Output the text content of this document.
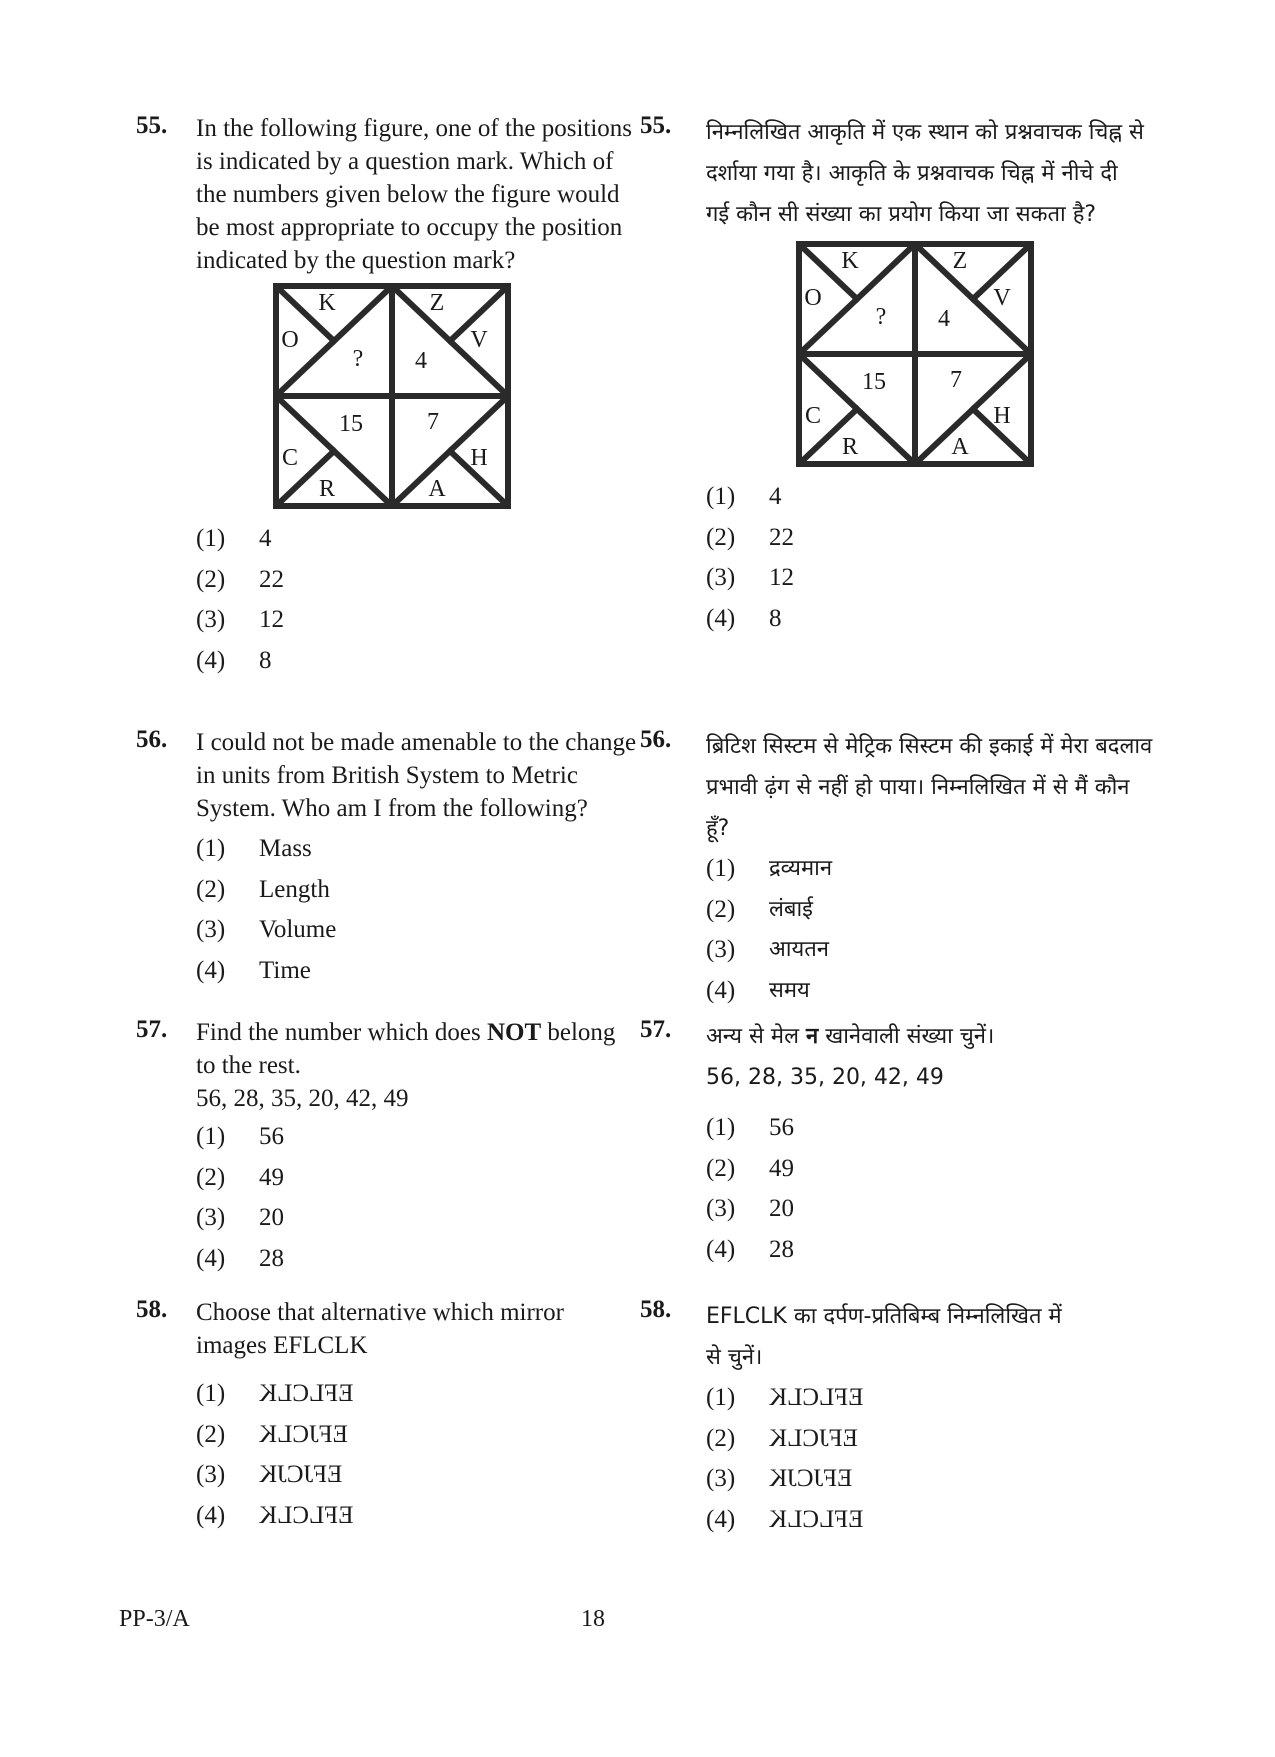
55. In the following figure, one of the positions is indicated by a question mark. Which of the numbers given below the figure would be most appropriate to occupy the position indicated by the question mark?
K
O
?
Z
V
4
15	7
C
R
H
A
(1)	4
(2)	22
(3)	12
(4)	8
56. I could not be made amenable to the change in units from British System to Metric System. Who am I from the following?
(1)	Mass
(2)	Length
(3)	Volume
(4)	Time
57. Find the number which does NOT belong to the rest.
56, 28, 35, 20, 42, 49
(1)	56
(2)	49
(3)	20
(4)	28
58. Choose that alternative which mirror images EFLCLK
(1)	EFLCLK
(2)	EFJCLK
(3)	EFJCJK
(4)	EFLCLK
55. निम्नलिखित आकृति में एक स्थान को प्रश्नवाचक चिह्न से दर्शाया गया है। आकृति के प्रश्नवाचक चिह्न में नीचे दी गई कौन सी संख्या का प्रयोग किया जा सकता है?
K
O
?
Z
V
4
15	7
C
R
H
A
(1)	4
(2)	22
(3)	12
(4)	8
56. ब्रिटिश सिस्टम से मेट्रिक सिस्टम की इकाई में मेरा बदलाव प्रभावी ढ़ंग से नहीं हो पाया। निम्नलिखित में से मैं कौन हूँ?
(1)	द्रव्यमान
(2)	लंबाई
(3)	आयतन
(4)	समय
57. अन्य से मेल न खानेवाली संख्या चुनें।
56, 28, 35, 20, 42, 49
(1)	56
(2)	49
(3)	20
(4)	28
58. EFLCLK का दर्पण-प्रतिबिम्ब निम्नलिखित में से चुनें।
(1)	EFLCLK
(2)	EFJCLK
(3)	EFJCJK
(4)	EFLCLK
PP-3/A	18
